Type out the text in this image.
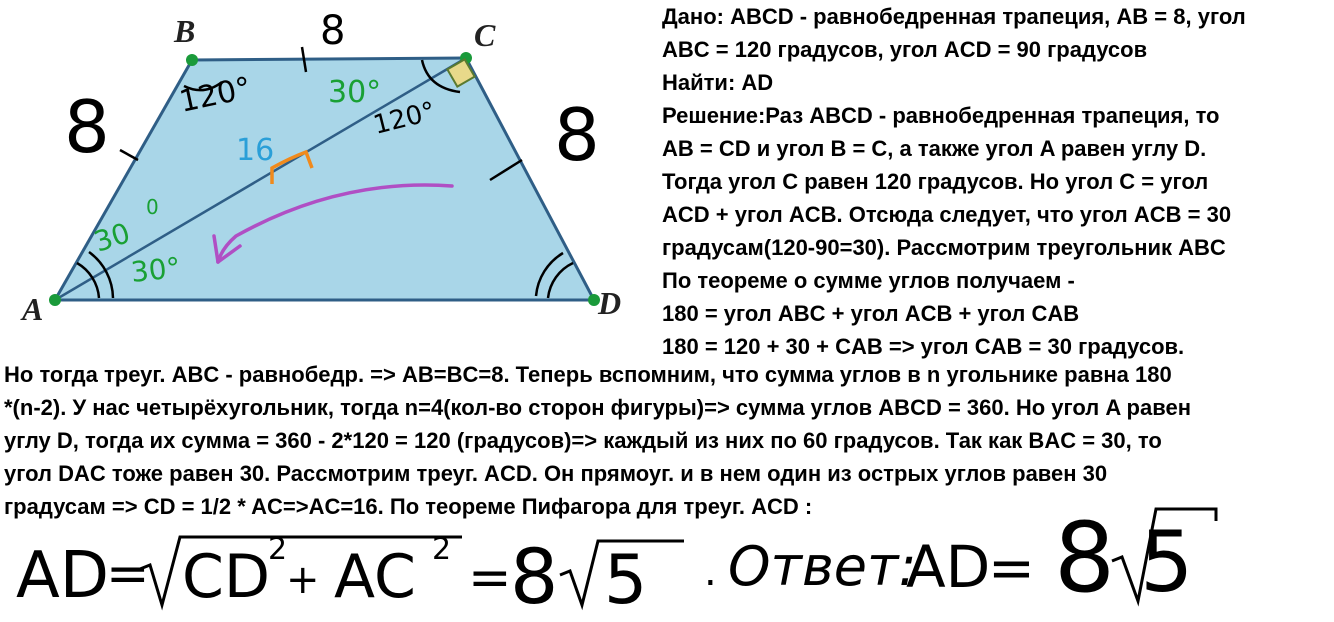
A
B	C
D
8
8
8
120° 30°
120°
16
0
30
30°
Дано: ABCD - равнобедренная трапеция, AB = 8, угол
ABC = 120 градусов, угол ACD = 90 градусов
Найти: AD
Решение:Раз ABCD - равнобедренная трапеция, то
AB = CD и угол B = C, а также угол A равен углу D.
Тогда угол C равен 120 градусов. Но угол C = угол
ACD + угол ACB. Отсюда следует, что угол ACB = 30
градусам(120-90=30). Рассмотрим треугольник ABC
По теореме о сумме углов получаем -
180 = угол ABC + угол ACB + угол CAB
180 = 120 + 30 + CAB => угол CAB = 30 градусов.
Но тогда треуг. ABC - равнобедр. => AB=BC=8. Теперь вспомним, что сумма углов в n угольнике равна 180
*(n-2). У нас четырёхугольник, тогда n=4(кол-во сторон фигуры)=> сумма углов ABCD = 360. Но угол A равен
углу D, тогда их сумма = 360 - 2*120 = 120 (градусов)=> каждый из них по 60 градусов. Так как BAC = 30, то
угол DAC тоже равен 30. Рассмотрим треуг. ACD. Он прямоуг. и в нем один из острых углов равен 30
градусам => CD = 1/2 * AC=>AC=16. По теореме Пифагора для треуг. ACD :
AD
= CD
2
+ AC 2 =
8 5 . Ответ:
AD
= 8 5
